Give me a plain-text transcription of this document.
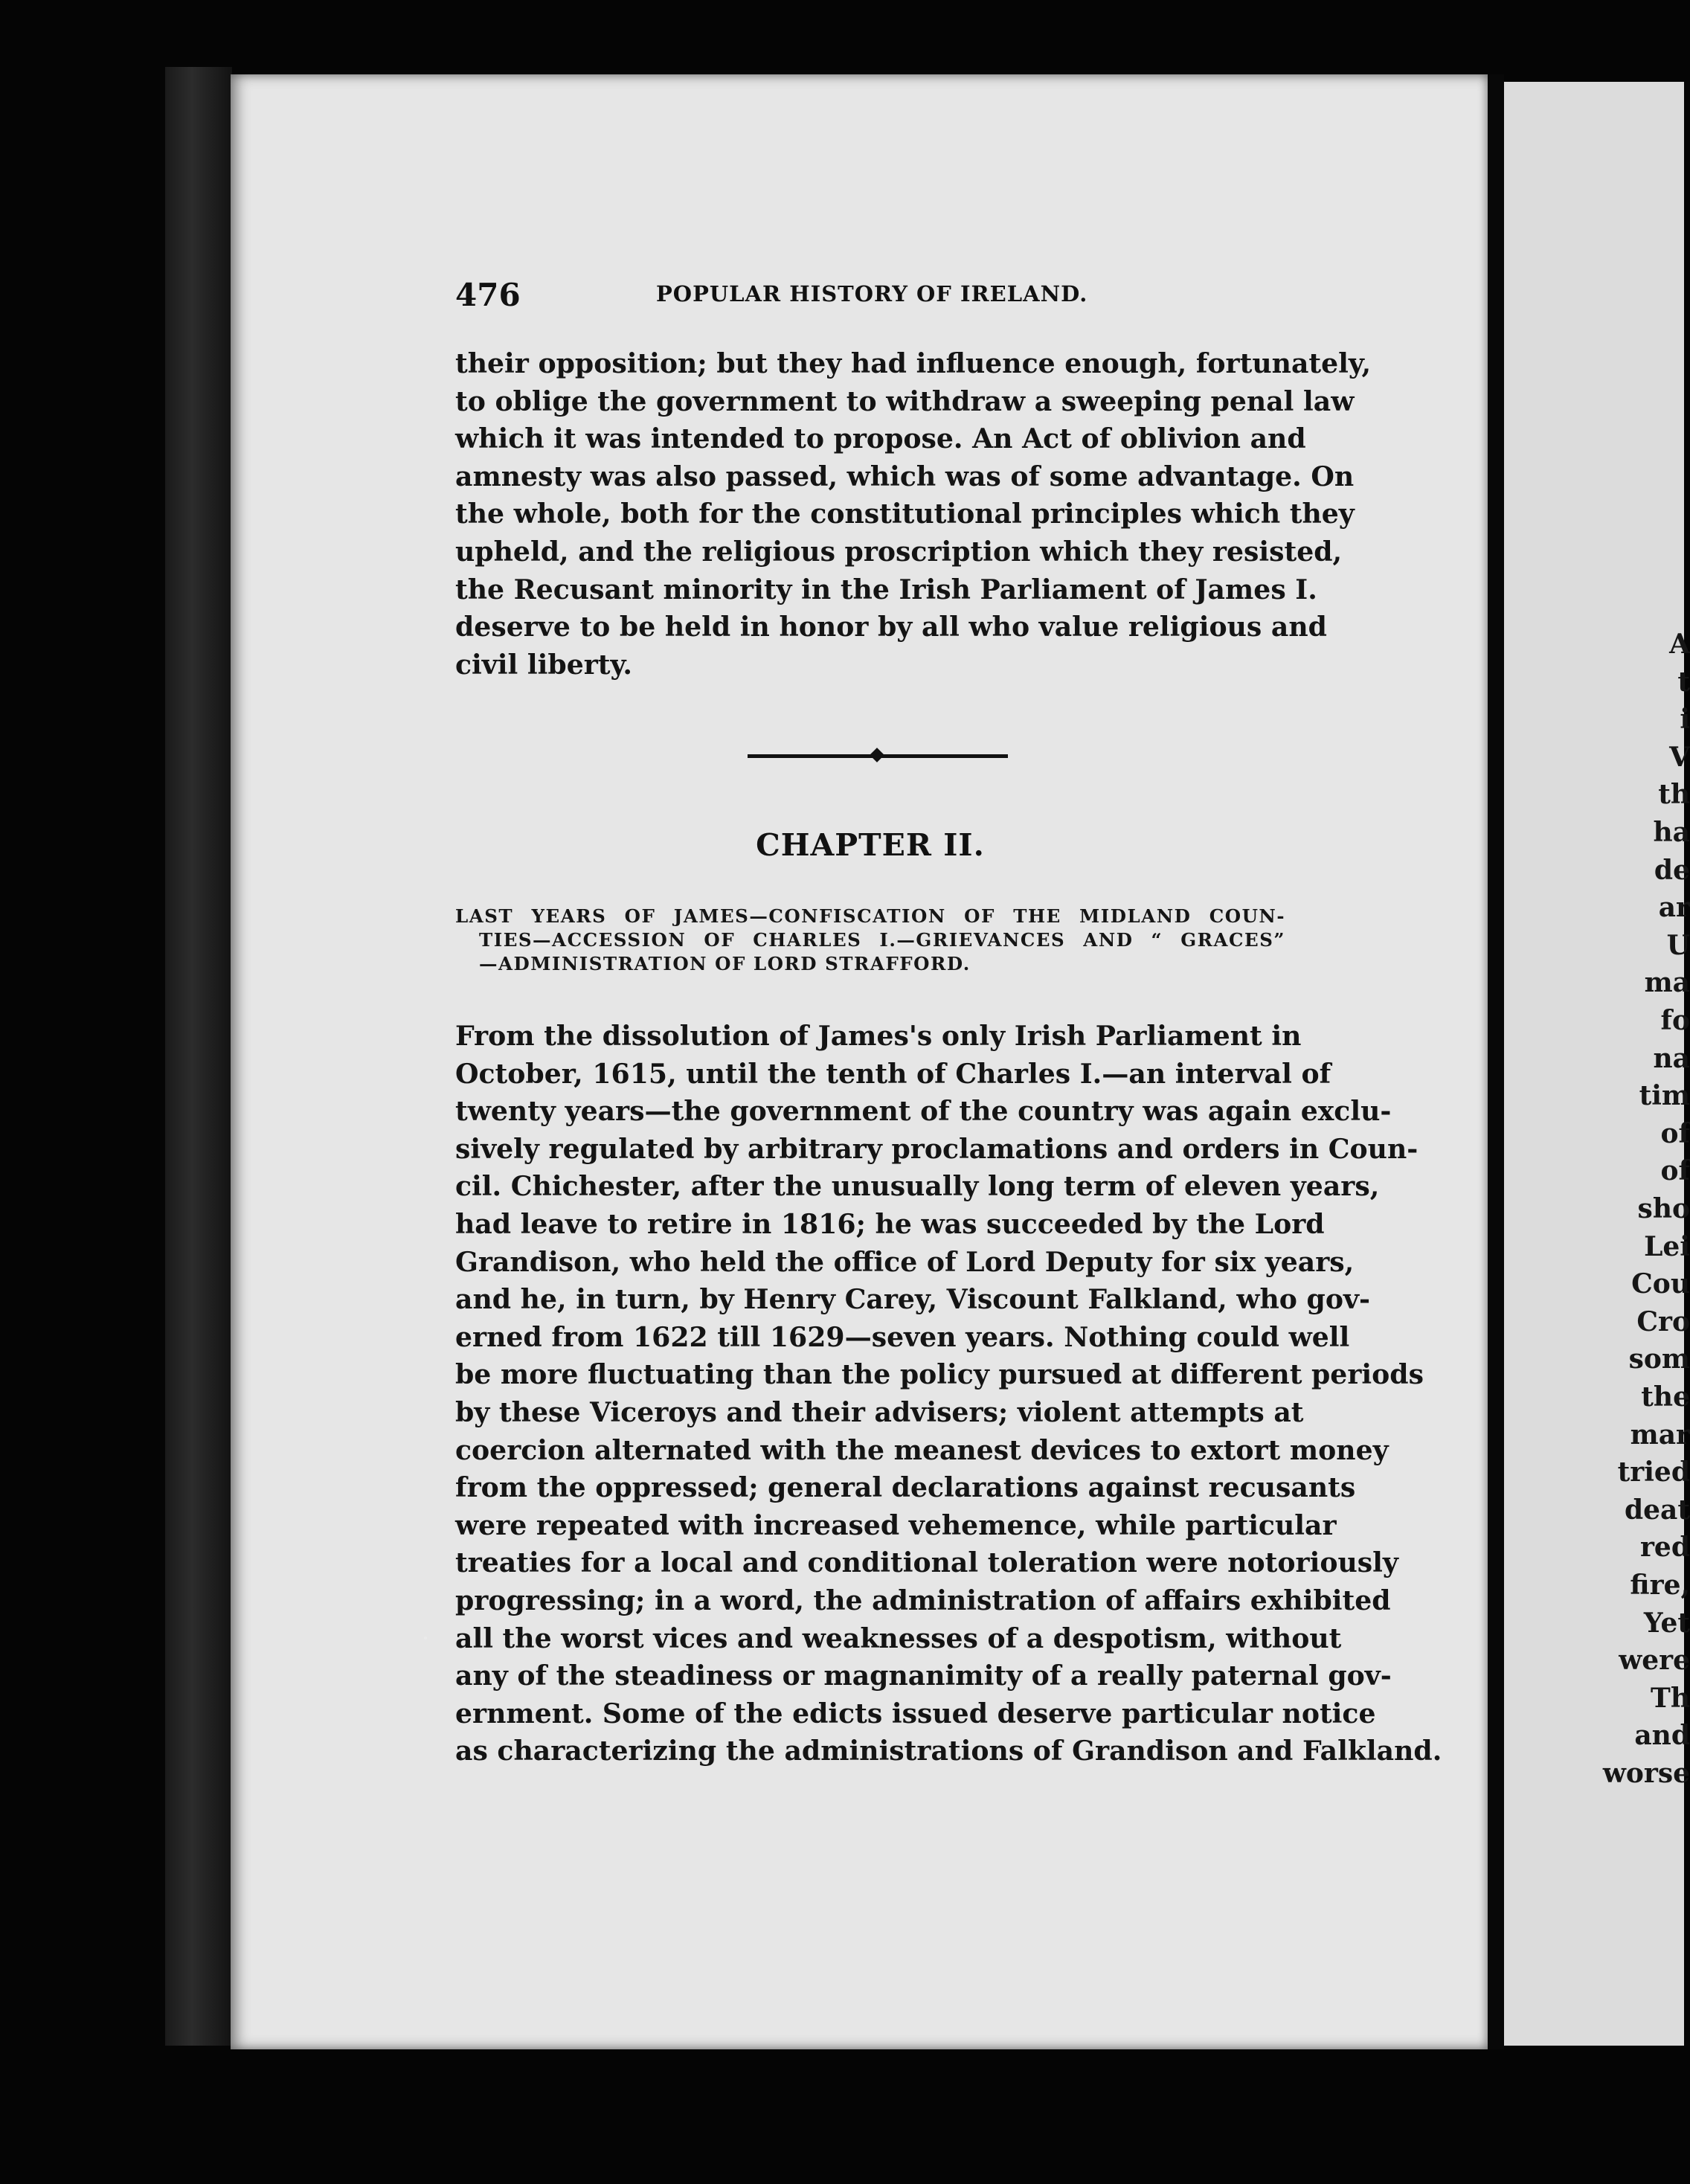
A
t
i
V
th
ha
de
ar
U
ma
fo
na
tim
of
of
sho
Lei
Cou
Cro
som
the
mar
tried
deat
red
fire,
Yet
were
Th
and
worse
476	POPULAR HISTORY OF IRELAND.
their opposition; but they had influence enough, fortunately,
to oblige the government to withdraw a sweeping penal law
which it was intended to propose. An Act of oblivion and
amnesty was also passed, which was of some advantage. On
the whole, both for the constitutional principles which they
upheld, and the religious proscription which they resisted,
the Recusant minority in the Irish Parliament of James I.
deserve to be held in honor by all who value religious and
civil liberty.
CHAPTER II.
LAST YEARS OF JAMES—CONFISCATION OF THE MIDLAND COUN-
TIES—ACCESSION OF CHARLES I.—GRIEVANCES AND “ GRACES”
—ADMINISTRATION OF LORD STRAFFORD.
From the dissolution of James's only Irish Parliament in
October, 1615, until the tenth of Charles I.—an interval of
twenty years—the government of the country was again exclu-
sively regulated by arbitrary proclamations and orders in Coun-
cil. Chichester, after the unusually long term of eleven years,
had leave to retire in 1816; he was succeeded by the Lord
Grandison, who held the office of Lord Deputy for six years,
and he, in turn, by Henry Carey, Viscount Falkland, who gov-
erned from 1622 till 1629—seven years. Nothing could well
be more fluctuating than the policy pursued at different periods
by these Viceroys and their advisers; violent attempts at
coercion alternated with the meanest devices to extort money
from the oppressed; general declarations against recusants
were repeated with increased vehemence, while particular
treaties for a local and conditional toleration were notoriously
progressing; in a word, the administration of affairs exhibited
all the worst vices and weaknesses of a despotism, without
any of the steadiness or magnanimity of a really paternal gov-
ernment. Some of the edicts issued deserve particular notice
as characterizing the administrations of Grandison and Falkland.
